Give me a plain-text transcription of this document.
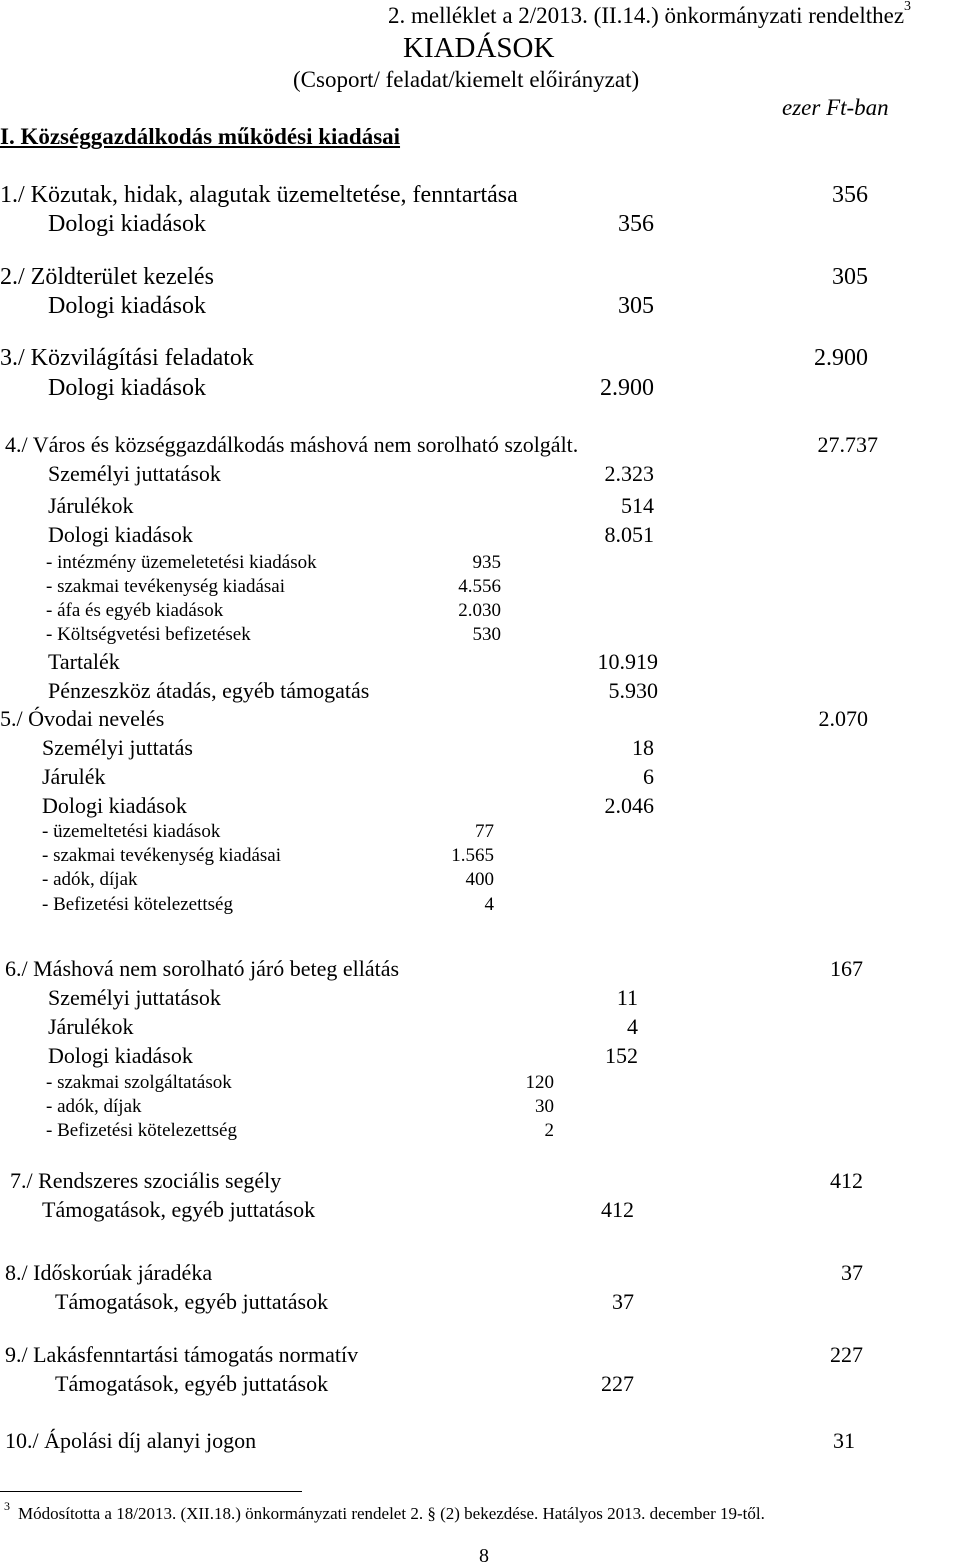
2. melléklet a 2/2013. (II.14.) önkormányzati rendelthez$^3$
KIADÁSOK
(Csoport/ feladat/kiemelt előirányzat)
ezer Ft-ban
I. Községgazdálkodás működési kiadásai
1./ Közutak, hidak, alagutak üzemeltetése, fenntartása	356
Dologi kiadások	356
2./ Zöldterület kezelés	305
Dologi kiadások	305
3./ Közvilágítási feladatok	2.900
Dologi kiadások	2.900
4./ Város és községgazdálkodás máshová nem sorolható szolgált.	27.737
Személyi juttatások	2.323
Járulékok	514
Dologi kiadások	8.051
- intézmény üzemeletetési kiadások	935
- szakmai tevékenység kiadásai	4.556
- áfa és egyéb kiadások	2.030
- Költségvetési befizetések	530
Tartalék	10.919
Pénzeszköz átadás, egyéb támogatás	5.930
5./ Óvodai nevelés	2.070
Személyi juttatás	18
Járulék	6
Dologi kiadások	2.046
- üzemeltetési kiadások	77
- szakmai tevékenység kiadásai	1.565
- adók, díjak	400
- Befizetési kötelezettség	4
6./ Máshová nem sorolható járó beteg ellátás	167
Személyi juttatások	11
Járulékok	4
Dologi kiadások	152
- szakmai szolgáltatások	120
- adók, díjak	30
- Befizetési kötelezettség	2
7./ Rendszeres szociális segély	412
Támogatások, egyéb juttatások	412
8./ Időskorúak járadéka	37
Támogatások, egyéb juttatások	37
9./ Lakásfenntartási támogatás normatív	227
Támogatások, egyéb juttatások	227
10./ Ápolási díj alanyi jogon	31
3 Módosította a 18/2013. (XII.18.) önkormányzati rendelet 2. § (2) bekezdése. Hatályos 2013. december 19-től.
8
